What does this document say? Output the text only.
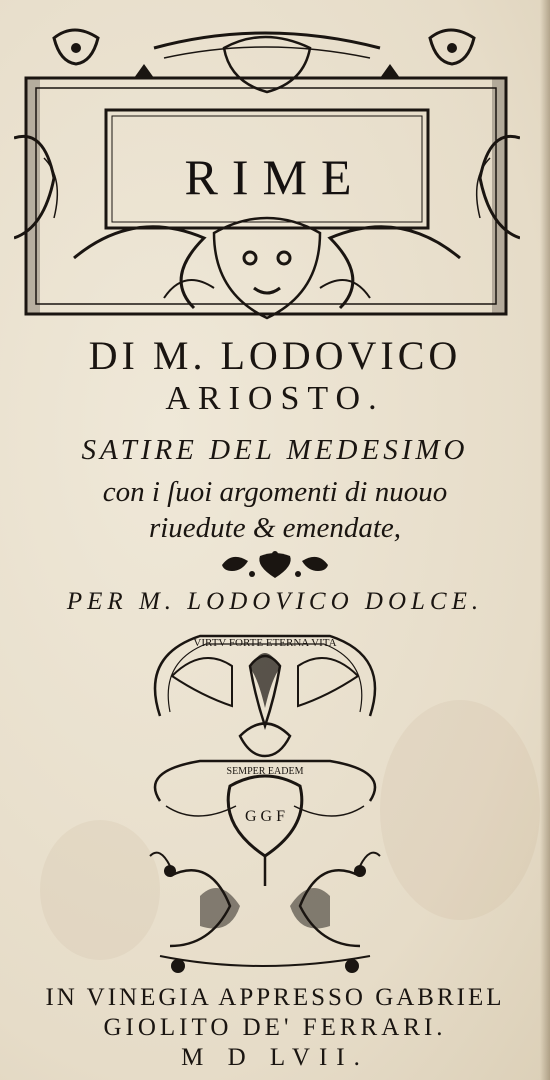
RIME
DI M. LODOVICO
ARIOSTO.
SATIRE DEL MEDESIMO
con i ſuoi argomenti di nuouo
riuedute & emendate,
PER M. LODOVICO DOLCE.
VIRTV FORTE ETERNA VITA
SEMPER EADEM
G G F
IN VINEGIA APPRESSO GABRIEL
GIOLITO DE' FERRARI.
M D LVII.
